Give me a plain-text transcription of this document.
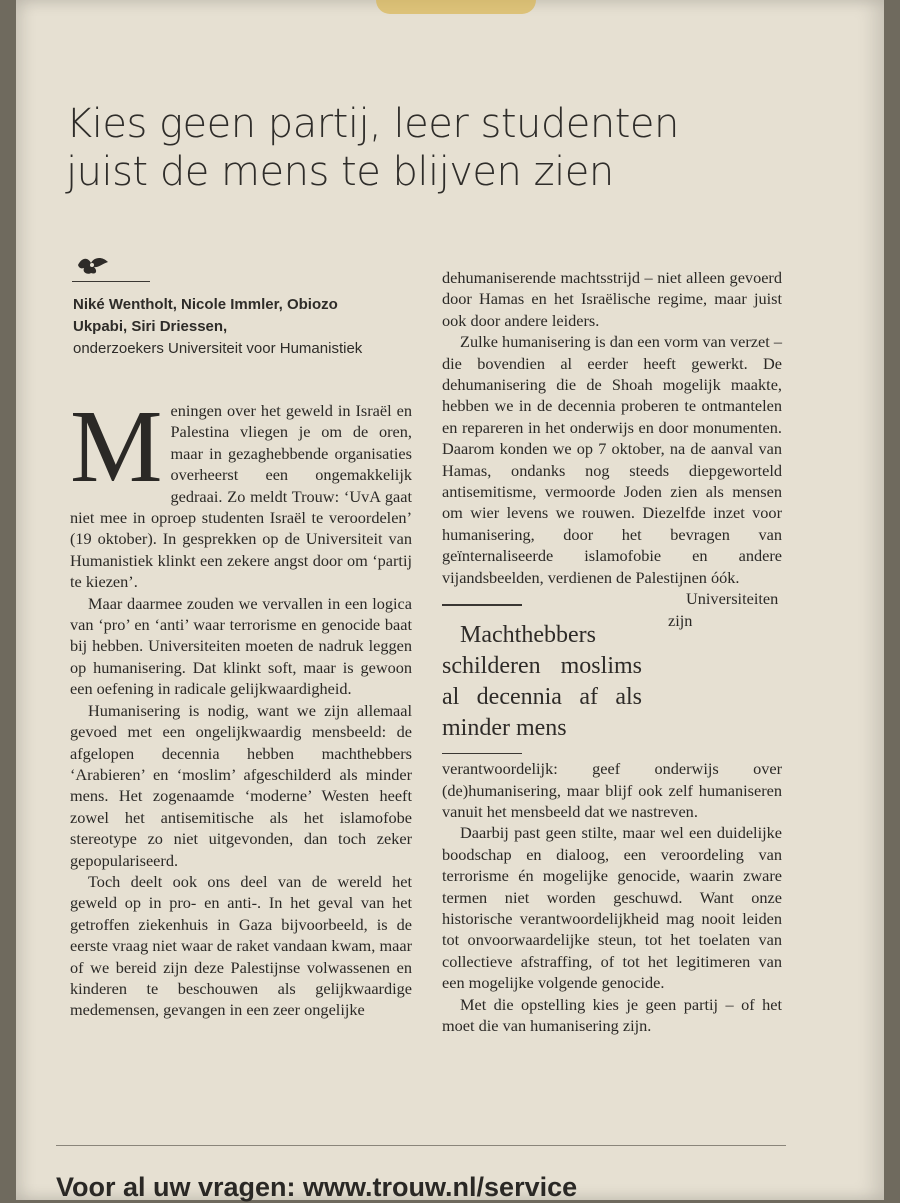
Kies geen partij, leer studenten
juist de mens te blijven zien
Niké Wentholt, Nicole Immler, Obiozo Ukpabi, Siri Driessen,
onderzoekers Universiteit voor Humanistiek

Meningen over het geweld in Israël en Palestina vliegen je om de oren, maar in gezaghebbende organisaties overheerst een ongemakkelijk gedraai. Zo meldt Trouw: ‘UvA gaat niet mee in oproep studenten Israël te veroordelen’ (19 oktober). In gesprekken op de Universiteit van Humanistiek klinkt een zekere angst door om ‘partij te kiezen’.

Maar daarmee zouden we vervallen in een logica van ‘pro’ en ‘anti’ waar terrorisme en genocide baat bij hebben. Universiteiten moeten de nadruk leggen op humanisering. Dat klinkt soft, maar is gewoon een oefening in radicale gelijkwaardigheid.

Humanisering is nodig, want we zijn allemaal gevoed met een ongelijkwaardig mensbeeld: de afgelopen decennia hebben machthebbers ‘Arabieren’ en ‘moslim’ afgeschilderd als minder mens. Het zogenaamde ‘moderne’ Westen heeft zowel het antisemitische als het islamofobe stereotype zo niet uitgevonden, dan toch zeker gepopulariseerd.

Toch deelt ook ons deel van de wereld het geweld op in pro- en anti-. In het geval van het getroffen ziekenhuis in Gaza bijvoorbeeld, is de eerste vraag niet waar de raket vandaan kwam, maar of we bereid zijn deze Palestijnse volwassenen en kinderen te beschouwen als gelijkwaardige medemensen, gevangen in een zeer ongelijke

dehumaniserende machtsstrijd – niet alleen gevoerd door Hamas en het Israëlische regime, maar juist ook door andere leiders.

Zulke humanisering is dan een vorm van verzet – die bovendien al eerder heeft gewerkt. De dehumanisering die de Shoah mogelijk maakte, hebben we in de decennia proberen te ontmantelen en repareren in het onderwijs en door monumenten. Daarom konden we op 7 oktober, na de aanval van Hamas, ondanks nog steeds diepgeworteld antisemitisme, vermoorde Joden zien als mensen om wier levens we rouwen. Diezelfde inzet voor humanisering, door het bevragen van geïnternaliseerde islamofobie en andere vijandsbeelden, verdienen de Palestijnen óók.

Machthebbers schilderen moslims al decennia af als minder mens
Universiteiten zijn verantwoordelijk: geef onderwijs over (de)humanisering, maar blijf ook zelf humaniseren vanuit het mensbeeld dat we nastreven.

Daarbij past geen stilte, maar wel een duidelijke boodschap en dialoog, een veroordeling van terrorisme én mogelijke genocide, waarin zware termen niet worden geschuwd. Want onze historische verantwoordelijkheid mag nooit leiden tot onvoorwaardelijke steun, tot het toelaten van collectieve afstraffing, of tot het legitimeren van een mogelijke volgende genocide.

Met die opstelling kies je geen partij – of het moet die van humanisering zijn.

Voor al uw vragen: www.trouw.nl/service
